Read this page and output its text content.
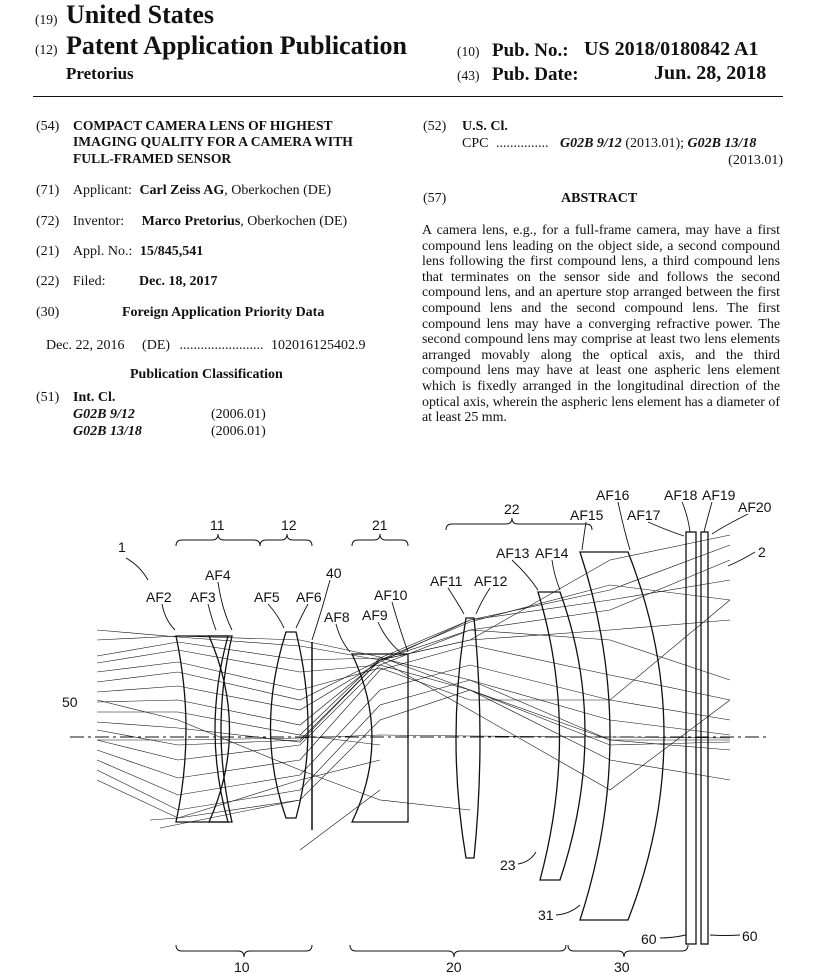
(19) United States
(12) Patent Application Publication
Pretorius
(10) Pub. No.: US 2018/0180842 A1
(43) Pub. Date:	Jun. 28, 2018
(54) COMPACT CAMERA LENS OF HIGHEST
IMAGING QUALITY FOR A CAMERA WITH
FULL-FRAMED SENSOR
(71) Applicant: Carl Zeiss AG, Oberkochen (DE)
(72) Inventor: Marco Pretorius, Oberkochen (DE)
(21) Appl. No.: 15/845,541
(22) Filed: Dec. 18, 2017
(30)	Foreign Application Priority Data
Dec. 22, 2016 (DE) ........................ 102016125402.9
Publication Classification
(51) Int. Cl.
G02B 9/12	(2006.01)
G02B 13/18	(2006.01)
(52) U.S. Cl.
CPC ............... G02B 9/12 (2013.01); G02B 13/18
(2013.01)
(57)	ABSTRACT
A camera lens, e.g., for a full-frame camera, may have a first compound lens leading on the object side, a second compound lens following the first compound lens, a third compound lens that terminates on the sensor side and follows the second compound lens, and an aperture stop arranged between the first compound lens and the second compound lens. The first compound lens may have a converging refractive power. The second compound lens may comprise at least two lens elements arranged movably along the optical axis, and the third compound lens may have at least one aspheric lens element which is fixedly arranged in the longitudinal direction of the optical axis, wherein the aspheric lens element has a diameter of at least 25 mm.
1	2
11	12	21
22
40
50
23
31
60	60
10	20	30
AF2 AF3
AF4
AF5 AF6
AF8 AF9
AF10
AF11 AF12
AF13 AF14
AF15
AF16
AF17
AF18 AF19
AF20
